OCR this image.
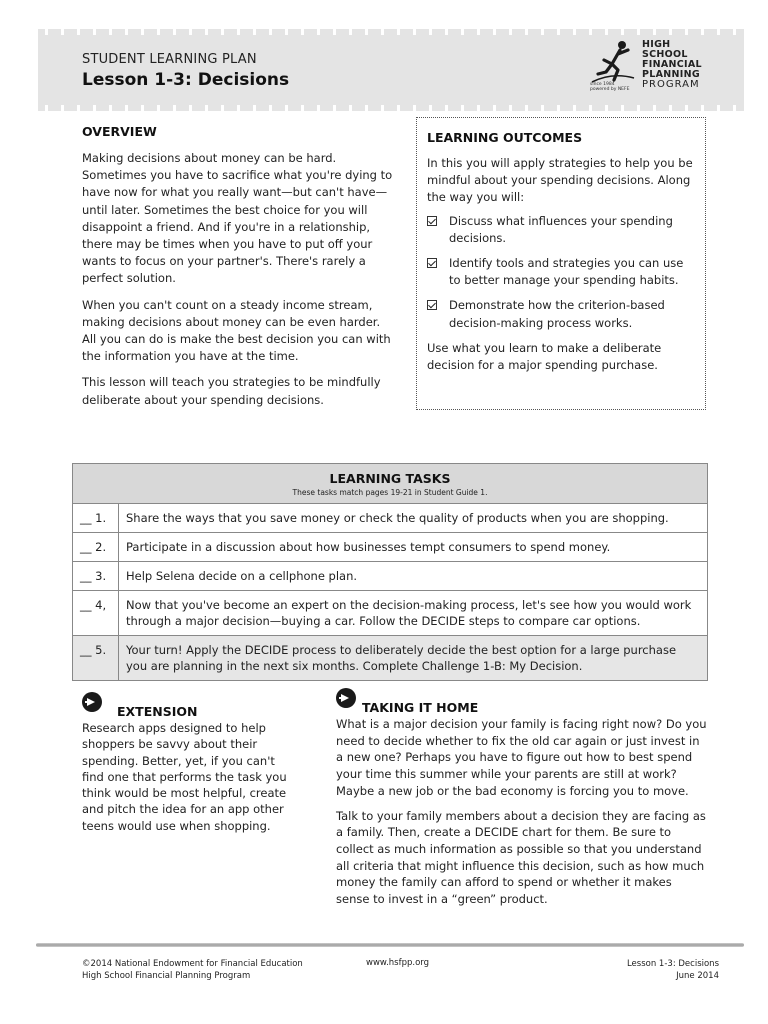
STUDENT LEARNING PLAN
Lesson 1-3: Decisions	since 1984
powered by NEFE
HIGH
SCHOOL
FINANCIAL
PLANNING
PROGRAM
OVERVIEW

Making decisions about money can be hard. Sometimes you have to sacrifice what you're dying to have now for what you really want—but can't have—until later. Sometimes the best choice for you will disappoint a friend. And if you're in a relationship, there may be times when you have to put off your wants to focus on your partner's. There's rarely a perfect solution.

When you can't count on a steady income stream, making decisions about money can be even harder. All you can do is make the best decision you can with the information you have at the time.

This lesson will teach you strategies to be mindfully deliberate about your spending decisions.

LEARNING OUTCOMES
In this you will apply strategies to help you be mindful about your spending decisions. Along the way you will:
Discuss what influences your spending decisions.
Identify tools and strategies you can use to better manage your spending habits.
Demonstrate how the criterion-based decision-making process works.
Use what you learn to make a deliberate decision for a major spending purchase.
LEARNING TASKS
These tasks match pages 19-21 in Student Guide 1.	

__ 1.	Share the ways that you save money or check the quality of products when you are shopping.
__ 2.	Participate in a discussion about how businesses tempt consumers to spend money.
__ 3.	Help Selena decide on a cellphone plan.
__ 4,	Now that you've become an expert on the decision-making process, let's see how you would work through a major decision—buying a car. Follow the DECIDE steps to compare car options.
__ 5.	Your turn! Apply the DECIDE process to deliberately decide the best option for a large purchase you are planning in the next six months. Complete Challenge 1-B: My Decision.
EXTENSION
Research apps designed to help shoppers be savvy about their spending. Better, yet, if you can't find one that performs the task you think would be most helpful, create and pitch the idea for an app other teens would use when shopping.
TAKING IT HOME

What is a major decision your family is facing right now? Do you need to decide whether to fix the old car again or just invest in a new one? Perhaps you have to figure out how to best spend your time this summer while your parents are still at work? Maybe a new job or the bad economy is forcing you to move.

Talk to your family members about a decision they are facing as a family. Then, create a DECIDE chart for them. Be sure to collect as much information as possible so that you understand all criteria that might influence this decision, such as how much money the family can afford to spend or whether it makes sense to invest in a “green” product.

©2014 National Endowment for Financial Education
High School Financial Planning Program
www.hsfpp.org	Lesson 1-3: Decisions
June 2014
